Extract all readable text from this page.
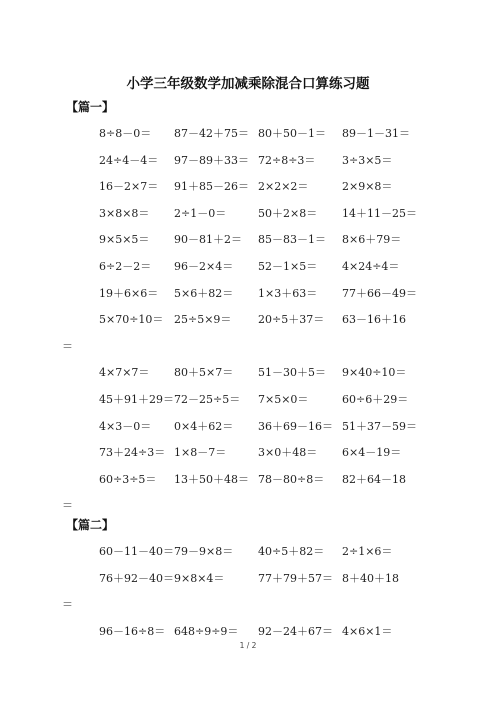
小学三年级数学加减乘除混合口算练习题
【篇一】
8÷8－0＝ 87－42＋75＝ 80＋50－1＝ 89－1－31＝
24÷4－4＝ 97－89＋33＝ 72÷8÷3＝ 3÷3×5＝
16－2×7＝ 91＋85－26＝ 2×2×2＝	2×9×8＝
3×8×8＝ 2÷1－0＝	50＋2×8＝ 14＋11－25＝
9×5×5＝ 90－81＋2＝ 85－83－1＝ 8×6＋79＝
6÷2－2＝ 96－2×4＝ 52－1×5＝ 4×24÷4＝
19＋6×6＝ 5×6＋82＝ 1×3＋63＝ 77＋66－49＝
5×70÷10＝ 25÷5×9＝ 20÷5＋37＝ 63－16＋16
＝
4×7×7＝ 80＋5×7＝ 51－30＋5＝ 9×40÷10＝
45＋91＋29＝ 72－25÷5＝ 7×5×0＝	60÷6＋29＝
4×3－0＝ 0×4＋62＝ 36＋69－16＝ 51＋37－59＝
73＋24÷3＝ 1×8－7＝	3×0＋48＝ 6×4－19＝
60÷3÷5＝ 13＋50＋48＝ 78－80÷8＝ 82＋64－18
＝
【篇二】
60－11－40＝ 79－9×8＝ 40÷5＋82＝ 2÷1×6＝
76＋92－40＝ 9×8×4＝	77＋79＋57＝ 8＋40＋18
＝
96－16÷8＝ 648÷9÷9＝ 92－24＋67＝ 4×6×1＝
1 / 2
